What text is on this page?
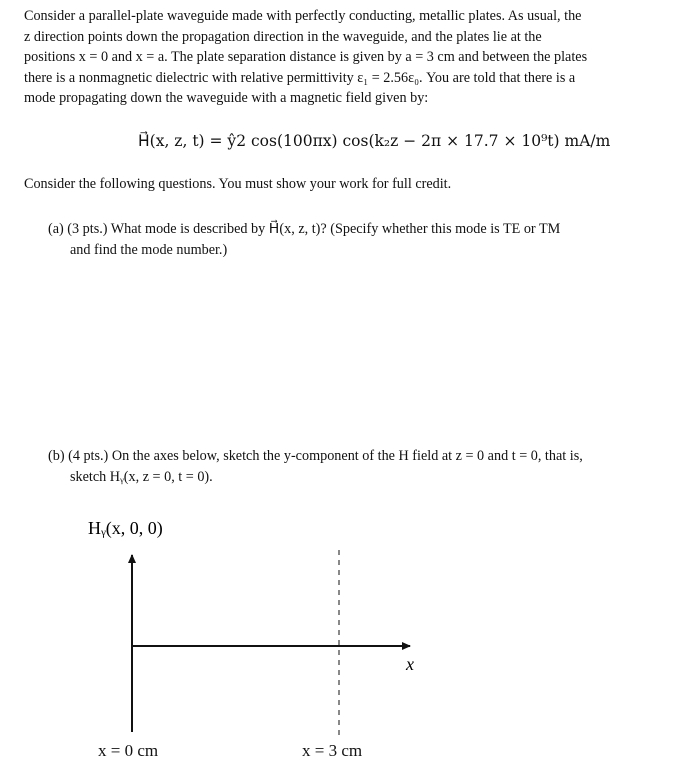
Consider a parallel-plate waveguide made with perfectly conducting, metallic plates. As usual, the
z direction points down the propagation direction in the waveguide, and the plates lie at the
positions x = 0 and x = a. The plate separation distance is given by a = 3 cm and between the plates
there is a nonmagnetic dielectric with relative permittivity ε₁ = 2.56ε₀. You are told that there is a
mode propagating down the waveguide with a magnetic field given by:
H⃗(x, z, t) = ŷ2 cos(100πx) cos(k₂z − 2π × 17.7 × 10⁹t) mA/m
Consider the following questions. You must show your work for full credit.
(a) (3 pts.) What mode is described by H⃗(x, z, t)? (Specify whether this mode is TE or TM
and find the mode number.)
(b) (4 pts.) On the axes below, sketch the y-component of the H field at z = 0 and t = 0, that is,
sketch Hᵧ(x, z = 0, t = 0).
Hᵧ(x, 0, 0)
x
x = 0 cm	x = 3 cm
